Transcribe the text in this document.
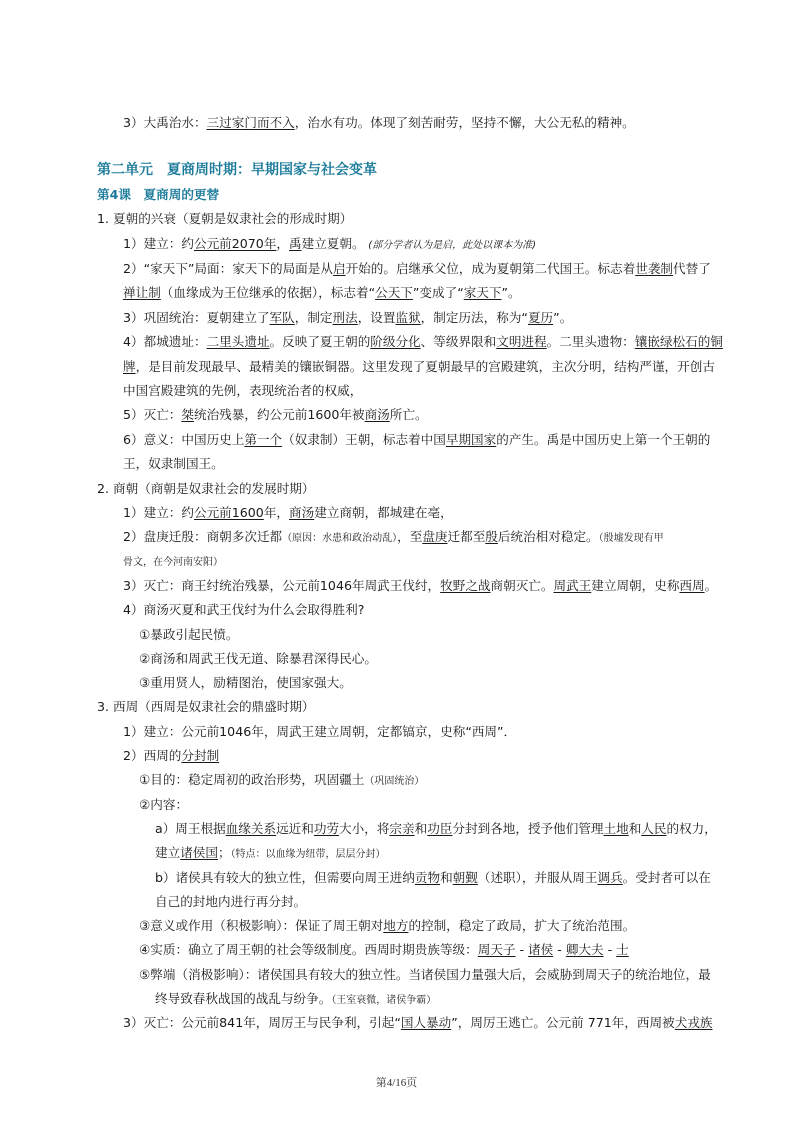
3）大禹治水：三过家门而不入，治水有功。体现了刻苦耐劳，坚持不懈，大公无私的精神。
第二单元　夏商周时期：早期国家与社会变革
第4课　夏商周的更替
1. 夏朝的兴衰（夏朝是奴隶社会的形成时期）
1）建立：约公元前2070年，禹建立夏朝。　(部分学者认为是启，此处以课本为准)
2）“家天下”局面：家天下的局面是从启开始的。启继承父位，成为夏朝第二代国王。标志着世袭制代替了
禅让制（血缘成为王位继承的依据），标志着“公天下”变成了“家天下”。
3）巩固统治：夏朝建立了军队，制定刑法，设置监狱，制定历法，称为“夏历”。
4）都城遗址：二里头遗址。反映了夏王朝的阶级分化、等级界限和文明进程。二里头遗物：镶嵌绿松石的铜
牌，是目前发现最早、最精美的镶嵌铜器。这里发现了夏朝最早的宫殿建筑，主次分明，结构严谨，开创古
中国宫殿建筑的先例，表现统治者的权威，
5）灭亡：桀统治残暴，约公元前1600年被商汤所亡。
6）意义：中国历史上第一个（奴隶制）王朝，标志着中国早期国家的产生。禹是中国历史上第一个王朝的
王，奴隶制国王。
2. 商朝（商朝是奴隶社会的发展时期）
1）建立：约公元前1600年，商汤建立商朝，都城建在亳，
2）盘庚迁殷：商朝多次迁都（原因：水患和政治动乱），至盘庚迁都至殷后统治相对稳定。（殷墟发现有甲
骨文，在今河南安阳）
3）灭亡：商王纣统治残暴，公元前1046年周武王伐纣，牧野之战商朝灭亡。周武王建立周朝，史称西周。
4）商汤灭夏和武王伐纣为什么会取得胜利?
①暴政引起民愤。
②商汤和周武王伐无道、除暴君深得民心。
③重用贤人，励精图治，使国家强大。
3. 西周（西周是奴隶社会的鼎盛时期）
1）建立：公元前1046年，周武王建立周朝，定都镐京，史称“西周”．
2）西周的分封制
①目的：稳定周初的政治形势，巩固疆土（巩固统治）
②内容：
a）周王根据血缘关系远近和功劳大小，将宗亲和功臣分封到各地，授予他们管理土地和人民的权力，
建立诸侯国；（特点：以血缘为纽带，层层分封）
b）诸侯具有较大的独立性，但需要向周王进纳贡物和朝觐（述职），并服从周王调兵。受封者可以在
自己的封地内进行再分封。
③意义或作用（积极影响）：保证了周王朝对地方的控制，稳定了政局，扩大了统治范围。
④实质：确立了周王朝的社会等级制度。西周时期贵族等级：周天子 - 诸侯 - 卿大夫 - 士
⑤弊端（消极影响）：诸侯国具有较大的独立性。当诸侯国力量强大后，会威胁到周天子的统治地位，最
终导致春秋战国的战乱与纷争。（王室衰微，诸侯争霸）
3）灭亡：公元前841年，周厉王与民争利，引起“国人暴动”，周厉王逃亡。公元前 771年，西周被犬戎族
第4/16页
